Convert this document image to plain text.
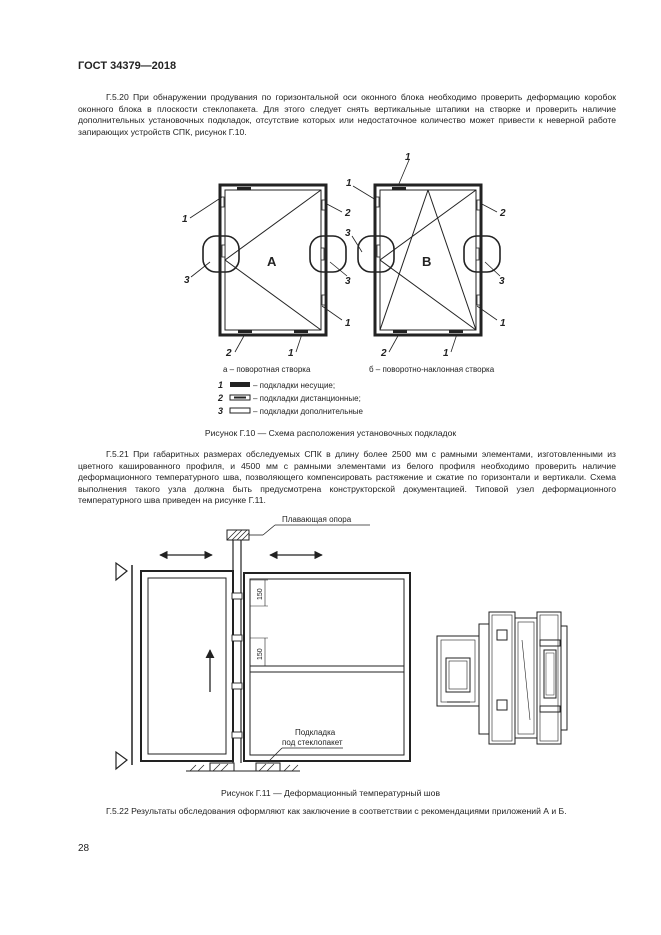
ГОСТ 34379—2018

Г.5.20 При обнаружении продувания по горизонтальной оси оконного блока необходимо проверить деформацию коробок оконного блока в плоскости стеклопакета. Для этого следует снять вертикальные штапики на створке и проверить наличие дополнительных установочных подкладок, отсутствие которых или недостаточное количество может привести к неверной работе запирающих устройств СПК, рисунок Г.10.

А	В
1
1
1
2	2
1	1
2	1	2	1
3
3
3	3
а – поворотная створка	б – поворотно-наклонная створка
1	– подкладки несущие;
2	– подкладки дистанционные;
3	– подкладки дополнительные
Рисунок Г.10 — Схема расположения установочных подкладок

Г.5.21 При габаритных размерах обследуемых СПК в длину более 2500 мм с рамными элементами, изготовленными из цветного кашированного профиля, и 4500 мм с рамными элементами из белого профиля необходимо проверить наличие деформационного температурного шва, позволяющего компенсировать растяжение и сжатие по горизонтали и вертикали. Схема выполнения такого узла должна быть предусмотрена конструкторской документацией. Типовой узел деформационного температурного шва приведен на рисунке Г.11.

Плавающая опора
150
150
Подкладка
под стеклопакет
Рисунок Г.11 — Деформационный температурный шов

Г.5.22 Результаты обследования оформляют как заключение в соответствии с рекомендациями приложений А и Б.

28
